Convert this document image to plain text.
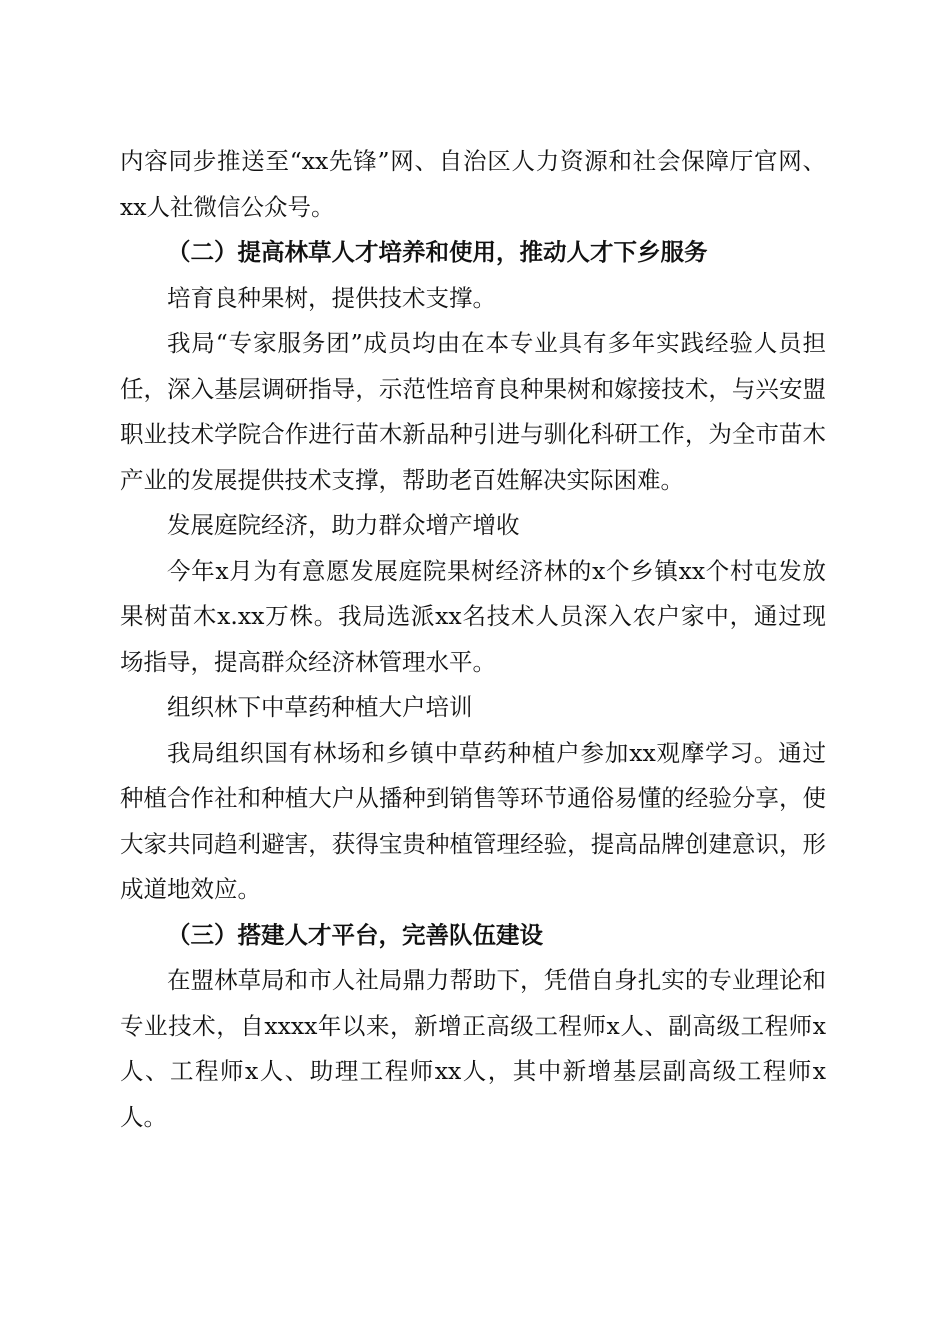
内容同步推送至“xx先锋”网、自治区人力资源和社会保障厅官网、xx人社微信公众号。

（二）提高林草人才培养和使用，推动人才下乡服务

培育良种果树，提供技术支撑。

我局“专家服务团”成员均由在本专业具有多年实践经验人员担任，深入基层调研指导，示范性培育良种果树和嫁接技术，与兴安盟职业技术学院合作进行苗木新品种引进与驯化科研工作，为全市苗木产业的发展提供技术支撑，帮助老百姓解决实际困难。

发展庭院经济，助力群众增产增收

今年x月为有意愿发展庭院果树经济林的x个乡镇xx个村屯发放果树苗木x.xx万株。我局选派xx名技术人员深入农户家中，通过现场指导，提高群众经济林管理水平。

组织林下中草药种植大户培训

我局组织国有林场和乡镇中草药种植户参加xx观摩学习。通过种植合作社和种植大户从播种到销售等环节通俗易懂的经验分享，使大家共同趋利避害，获得宝贵种植管理经验，提高品牌创建意识，形成道地效应。

（三）搭建人才平台，完善队伍建设

在盟林草局和市人社局鼎力帮助下，凭借自身扎实的专业理论和专业技术，自xxxx年以来，新增正高级工程师x人、副高级工程师x人、工程师x人、助理工程师xx人，其中新增基层副高级工程师x人。
